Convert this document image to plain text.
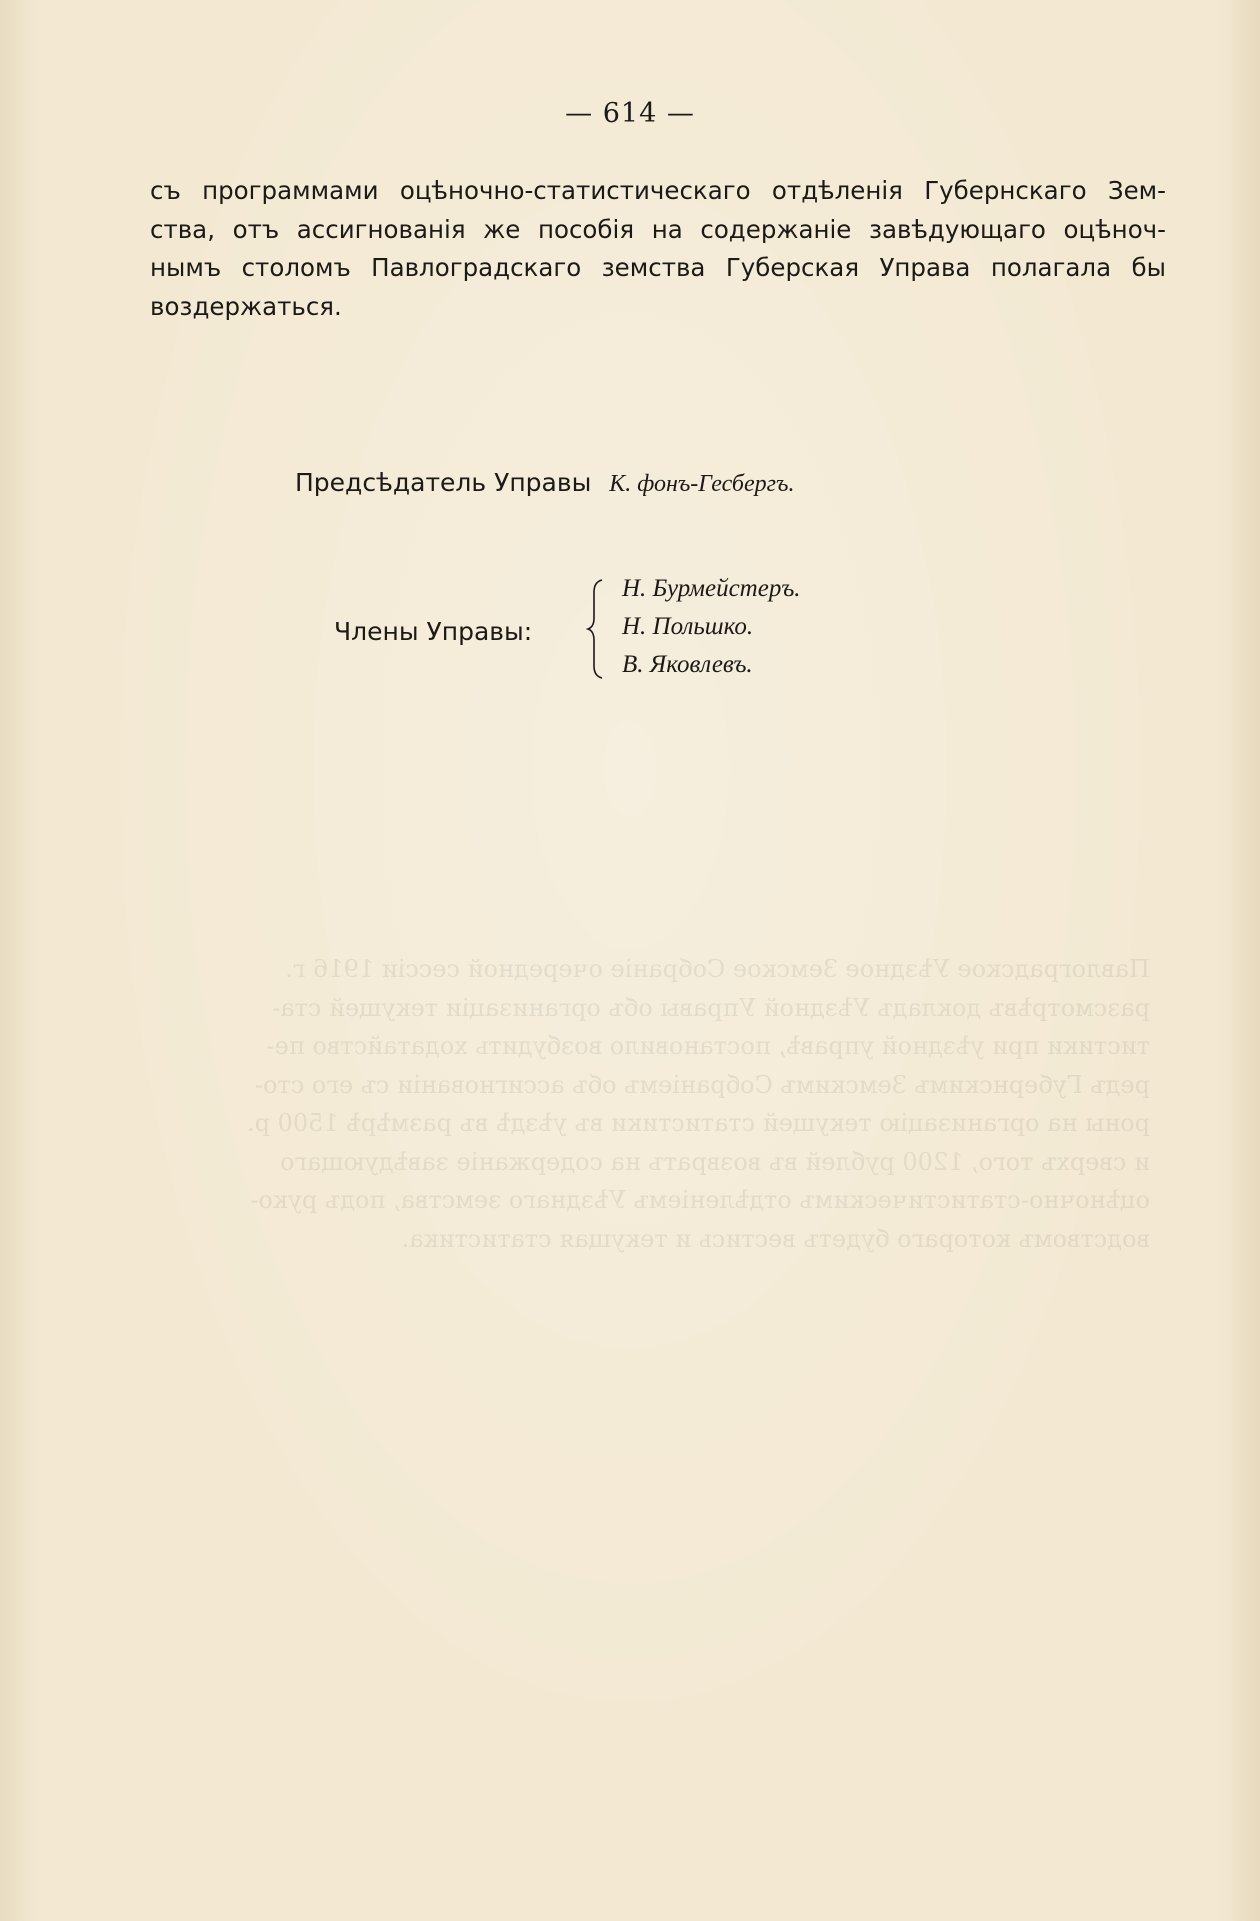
Павлоградское Уѣздное Земское Собраніе очередной сессіи 1916 г.
разсмотрѣвъ докладъ Уѣздной Управы объ организаціи текущей ста-
тистики при уѣздной управѣ, постановило возбудить ходатайство пе-
редъ Губернскимъ Земскимъ Собраніемъ объ ассигнованіи съ его сто-
роны на организацію текущей статистики въ уѣздѣ въ размѣрѣ 1500 р.
и сверхъ того, 1200 рублей въ возвратъ на содержаніе завѣдующаго
оцѣночно-статистическимъ отдѣленіемъ Уѣзднаго земства, подъ руко-
водствомъ котораго будетъ вестись и текущая статистика.
— 614 —
съ программами оцѣночно-статистическаго отдѣленія Губернскаго Зем-
ства, отъ ассигнованія же пособія на содержаніе завѣдующаго оцѣноч-
нымъ столомъ Павлоградскаго земства Губерская Управа полагала бы
воздержаться.
Предсѣдатель Управы К. фонъ-Гесбергъ.
Члены Управы:
Н. Бурмейстеръ.
Н. Польшко.
В. Яковлевъ.
